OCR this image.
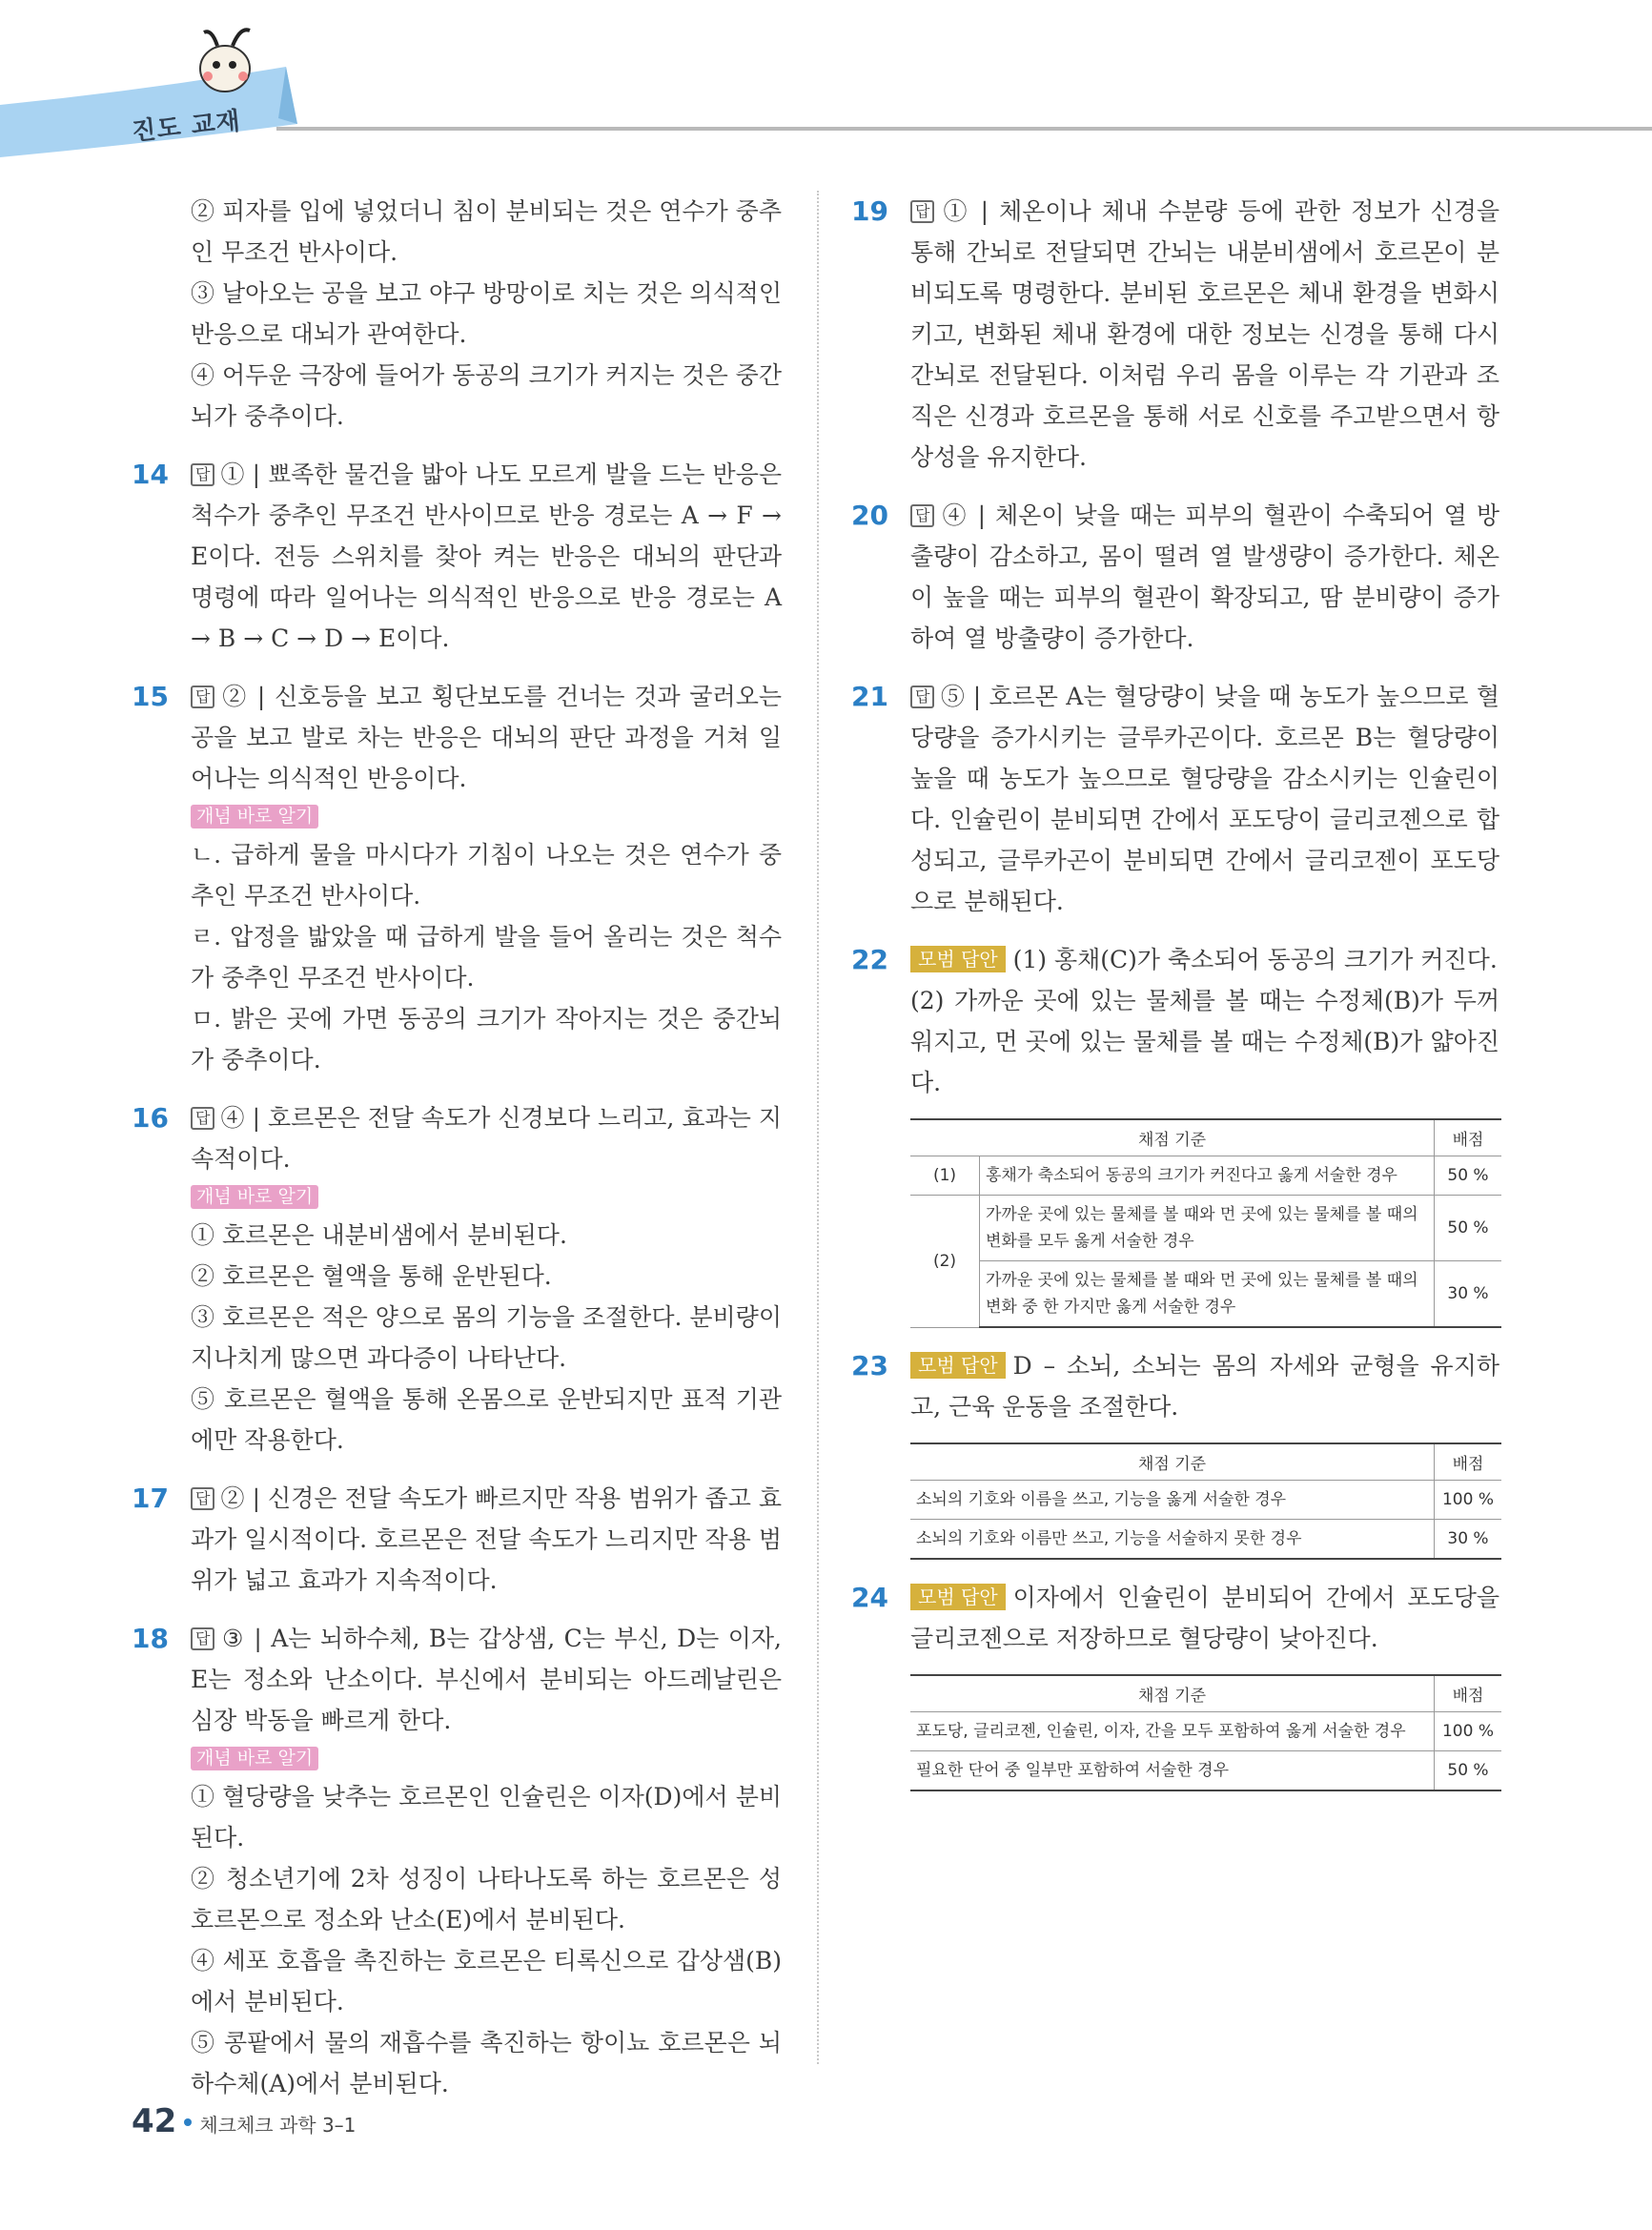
진도 교재

② 피자를 입에 넣었더니 침이 분비되는 것은 연수가 중추인 무조건 반사이다.

③ 날아오는 공을 보고 야구 방망이로 치는 것은 의식적인 반응으로 대뇌가 관여한다.

④ 어두운 극장에 들어가 동공의 크기가 커지는 것은 중간뇌가 중추이다.

14	답 ① | 뾰족한 물건을 밟아 나도 모르게 발을 드는 반응은 척수가 중추인 무조건 반사이므로 반응 경로는 A → F → E이다. 전등 스위치를 찾아 켜는 반응은 대뇌의 판단과 명령에 따라 일어나는 의식적인 반응으로 반응 경로는 A → B → C → D → E이다.

15	답 ② | 신호등을 보고 횡단보도를 건너는 것과 굴러오는 공을 보고 발로 차는 반응은 대뇌의 판단 과정을 거쳐 일어나는 의식적인 반응이다.

개념 바로 알기

ㄴ. 급하게 물을 마시다가 기침이 나오는 것은 연수가 중추인 무조건 반사이다.

ㄹ. 압정을 밟았을 때 급하게 발을 들어 올리는 것은 척수가 중추인 무조건 반사이다.

ㅁ. 밝은 곳에 가면 동공의 크기가 작아지는 것은 중간뇌가 중추이다.

16	답 ④ | 호르몬은 전달 속도가 신경보다 느리고, 효과는 지속적이다.

개념 바로 알기

① 호르몬은 내분비샘에서 분비된다.

② 호르몬은 혈액을 통해 운반된다.

③ 호르몬은 적은 양으로 몸의 기능을 조절한다. 분비량이 지나치게 많으면 과다증이 나타난다.

⑤ 호르몬은 혈액을 통해 온몸으로 운반되지만 표적 기관에만 작용한다.

17	답 ② | 신경은 전달 속도가 빠르지만 작용 범위가 좁고 효과가 일시적이다. 호르몬은 전달 속도가 느리지만 작용 범위가 넓고 효과가 지속적이다.

18	답 ③ | A는 뇌하수체, B는 갑상샘, C는 부신, D는 이자, E는 정소와 난소이다. 부신에서 분비되는 아드레날린은 심장 박동을 빠르게 한다.

개념 바로 알기

① 혈당량을 낮추는 호르몬인 인슐린은 이자(D)에서 분비된다.

② 청소년기에 2차 성징이 나타나도록 하는 호르몬은 성호르몬으로 정소와 난소(E)에서 분비된다.

④ 세포 호흡을 촉진하는 호르몬은 티록신으로 갑상샘(B)에서 분비된다.

⑤ 콩팥에서 물의 재흡수를 촉진하는 항이뇨 호르몬은 뇌하수체(A)에서 분비된다.

19	답 ① | 체온이나 체내 수분량 등에 관한 정보가 신경을 통해 간뇌로 전달되면 간뇌는 내분비샘에서 호르몬이 분비되도록 명령한다. 분비된 호르몬은 체내 환경을 변화시키고, 변화된 체내 환경에 대한 정보는 신경을 통해 다시 간뇌로 전달된다. 이처럼 우리 몸을 이루는 각 기관과 조직은 신경과 호르몬을 통해 서로 신호를 주고받으면서 항상성을 유지한다.

20	답 ④ | 체온이 낮을 때는 피부의 혈관이 수축되어 열 방출량이 감소하고, 몸이 떨려 열 발생량이 증가한다. 체온이 높을 때는 피부의 혈관이 확장되고, 땀 분비량이 증가하여 열 방출량이 증가한다.

21	답 ⑤ | 호르몬 A는 혈당량이 낮을 때 농도가 높으므로 혈당량을 증가시키는 글루카곤이다. 호르몬 B는 혈당량이 높을 때 농도가 높으므로 혈당량을 감소시키는 인슐린이다. 인슐린이 분비되면 간에서 포도당이 글리코젠으로 합성되고, 글루카곤이 분비되면 간에서 글리코젠이 포도당으로 분해된다.

22	모범 답안 (1) 홍채(C)가 축소되어 동공의 크기가 커진다.

(2) 가까운 곳에 있는 물체를 볼 때는 수정체(B)가 두꺼워지고, 먼 곳에 있는 물체를 볼 때는 수정체(B)가 얇아진다.

채점 기준		배점
(1)	홍채가 축소되어 동공의 크기가 커진다고 옳게 서술한 경우	50 %
(2)	가까운 곳에 있는 물체를 볼 때와 먼 곳에 있는 물체를 볼 때의 변화를 모두 옳게 서술한 경우	50 %
	가까운 곳에 있는 물체를 볼 때와 먼 곳에 있는 물체를 볼 때의 변화 중 한 가지만 옳게 서술한 경우	30 %
23	모범 답안 D – 소뇌, 소뇌는 몸의 자세와 균형을 유지하고, 근육 운동을 조절한다.

채점 기준	배점
소뇌의 기호와 이름을 쓰고, 기능을 옳게 서술한 경우	100 %
소뇌의 기호와 이름만 쓰고, 기능을 서술하지 못한 경우	30 %
24	모범 답안 이자에서 인슐린이 분비되어 간에서 포도당을 글리코젠으로 저장하므로 혈당량이 낮아진다.

채점 기준	배점
포도당, 글리코젠, 인슐린, 이자, 간을 모두 포함하여 옳게 서술한 경우	100 %
필요한 단어 중 일부만 포함하여 서술한 경우	50 %
42 체크체크 과학 3–1
